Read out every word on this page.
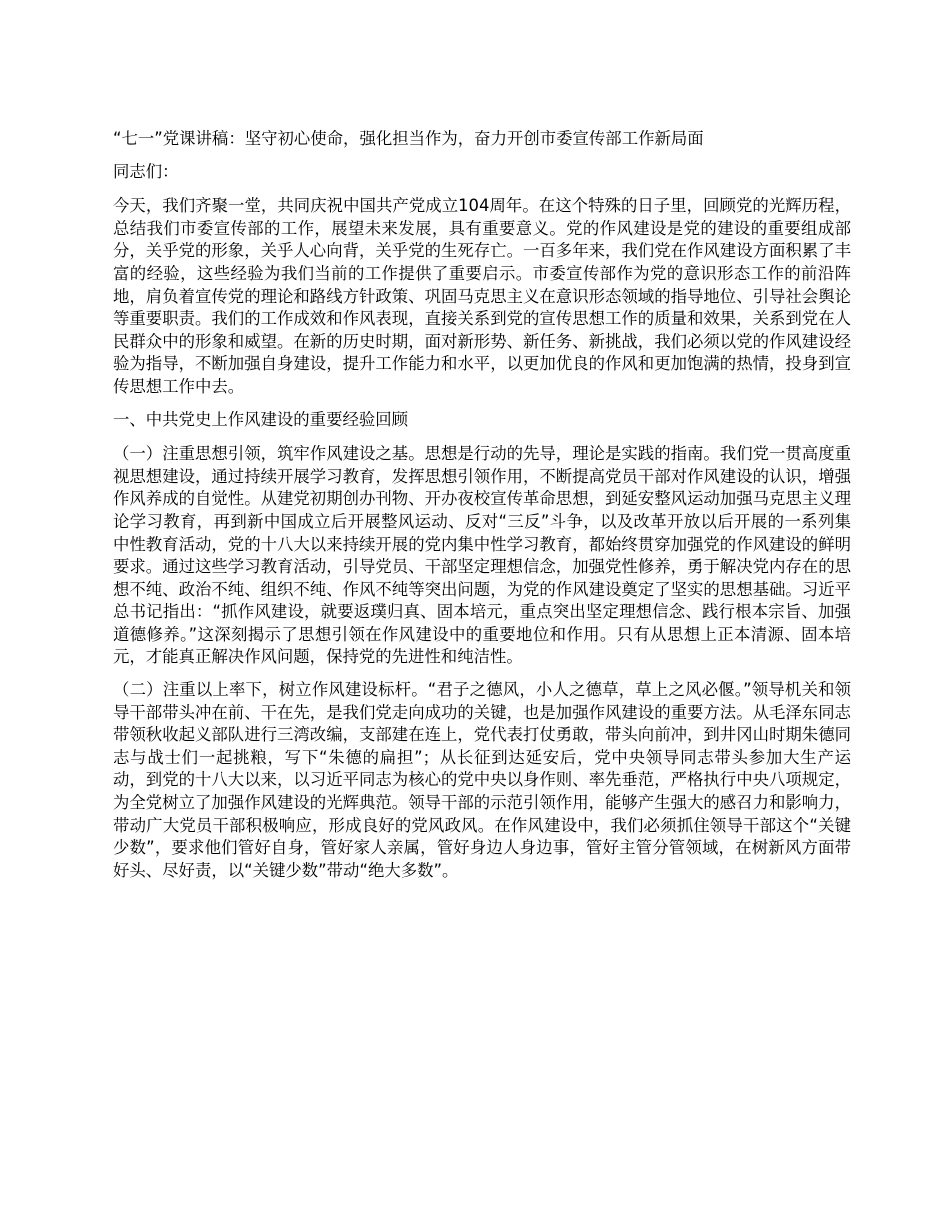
“七一”党课讲稿：坚守初心使命，强化担当作为，奋力开创市委宣传部工作新局面

同志们：

今天，我们齐聚一堂，共同庆祝中国共产党成立104周年。在这个特殊的日子里，回顾党的光辉历程，总结我们市委宣传部的工作，展望未来发展，具有重要意义。党的作风建设是党的建设的重要组成部分，关乎党的形象，关乎人心向背，关乎党的生死存亡。一百多年来，我们党在作风建设方面积累了丰富的经验，这些经验为我们当前的工作提供了重要启示。市委宣传部作为党的意识形态工作的前沿阵地，肩负着宣传党的理论和路线方针政策、巩固马克思主义在意识形态领域的指导地位、引导社会舆论等重要职责。我们的工作成效和作风表现，直接关系到党的宣传思想工作的质量和效果，关系到党在人民群众中的形象和威望。在新的历史时期，面对新形势、新任务、新挑战，我们必须以党的作风建设经验为指导，不断加强自身建设，提升工作能力和水平，以更加优良的作风和更加饱满的热情，投身到宣传思想工作中去。

一、中共党史上作风建设的重要经验回顾

（一）注重思想引领，筑牢作风建设之基。思想是行动的先导，理论是实践的指南。我们党一贯高度重视思想建设，通过持续开展学习教育，发挥思想引领作用，不断提高党员干部对作风建设的认识，增强作风养成的自觉性。从建党初期创办刊物、开办夜校宣传革命思想，到延安整风运动加强马克思主义理论学习教育，再到新中国成立后开展整风运动、反对“三反”斗争，以及改革开放以后开展的一系列集中性教育活动，党的十八大以来持续开展的党内集中性学习教育，都始终贯穿加强党的作风建设的鲜明要求。通过这些学习教育活动，引导党员、干部坚定理想信念，加强党性修养，勇于解决党内存在的思想不纯、政治不纯、组织不纯、作风不纯等突出问题，为党的作风建设奠定了坚实的思想基础。习近平总书记指出：“抓作风建设，就要返璞归真、固本培元，重点突出坚定理想信念、践行根本宗旨、加强道德修养。”这深刻揭示了思想引领在作风建设中的重要地位和作用。只有从思想上正本清源、固本培元，才能真正解决作风问题，保持党的先进性和纯洁性。

（二）注重以上率下，树立作风建设标杆。“君子之德风，小人之德草，草上之风必偃。”领导机关和领导干部带头冲在前、干在先，是我们党走向成功的关键，也是加强作风建设的重要方法。从毛泽东同志带领秋收起义部队进行三湾改编，支部建在连上，党代表打仗勇敢，带头向前冲，到井冈山时期朱德同志与战士们一起挑粮，写下“朱德的扁担”；从长征到达延安后，党中央领导同志带头参加大生产运动，到党的十八大以来，以习近平同志为核心的党中央以身作则、率先垂范，严格执行中央八项规定，为全党树立了加强作风建设的光辉典范。领导干部的示范引领作用，能够产生强大的感召力和影响力，带动广大党员干部积极响应，形成良好的党风政风。在作风建设中，我们必须抓住领导干部这个“关键少数”，要求他们管好自身，管好家人亲属，管好身边人身边事，管好主管分管领域，在树新风方面带好头、尽好责，以“关键少数”带动“绝大多数”。
